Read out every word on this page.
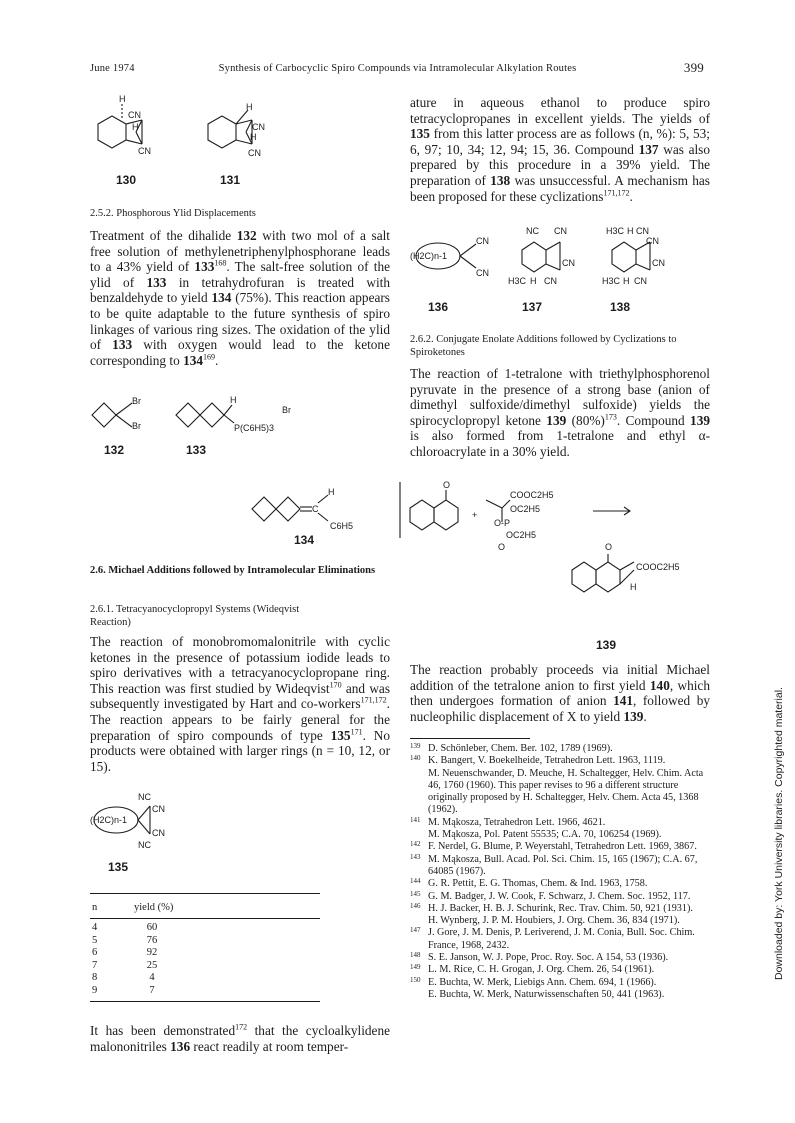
June 1974	Synthesis of Carbocyclic Spiro Compounds via Intramolecular Alkylation Routes	399
H
CN
H
CN
H
CN
H
CN
130	131

2.5.2. Phosphorous Ylid Displacements

Treatment of the dihalide 132 with two mol of a salt free solution of methylenetriphenylphosphorane leads to a 43% yield of $133^{168}$. The salt-free solution of the ylid of 133 in tetrahydrofuran is treated with benzaldehyde to yield 134 (75%). This reaction appears to be quite adaptable to the future synthesis of spiro linkages of various ring sizes. The oxidation of the ylid of 133 with oxygen would lead to the ketone corresponding to $134^{169}$.

Br
Br
H
P(C6H5)3
Br
132	133
H
C
C6H5
134

2.6. Michael Additions followed by Intramolecular Eliminations

2.6.1. Tetracyanocyclopropyl Systems (Wideqvist Reaction)

The reaction of monobromomalonitrile with cyclic ketones in the presence of potassium iodide leads to spiro derivatives with a tetracyanocyclopropane ring. This reaction was first studied by Wideqvist$^{170}$ and was subsequently investigated by Hart and co-workers$^{171,172}$. The reaction appears to be fairly general for the preparation of spiro compounds of type $135^{171}$. No products were obtained with larger rings (n = 10, 12, or 15).

NC
CN
(H2C)n-1
NC
CN
135
n	yield (%)
4	60
5	76
6	92
7	25
8	4
9	7

It has been demonstrated$^{172}$ that the cycloalkylidene malononitriles 136 react readily at room temper-

ature in aqueous ethanol to produce spiro tetracyclopropanes in excellent yields. The yields of 135 from this latter process are as follows (n, %): 5, 53; 6, 97; 10, 34; 12, 94; 15, 36. Compound 137 was also prepared by this procedure in a 39% yield. The preparation of 138 was unsuccessful. A mechanism has been proposed for these cyclizations$^{171,172}$.

CN
(H2C)n-1
CN
NC CN
CN
H3C H CN
H3C H CN
CN
CN
H3C H CN
136	137	138

2.6.2. Conjugate Enolate Additions followed by Cyclizations to Spiroketones

The reaction of 1-tetralone with triethylphosphorenol pyruvate in the presence of a strong base (anion of dimethyl sulfoxide/dimethyl sulfoxide) yields the spirocyclopropyl ketone 139 $(80\%)^{173}$. Compound 139 is also formed from 1-tetralone and ethyl α-chloroacrylate in a 30% yield.

O
+
COOC2H5
OC2H5
O-P
OC2H5
O	O
COOC2H5
H
139

The reaction probably proceeds via initial Michael addition of the tetralone anion to first yield 140, which then undergoes formation of anion 141, followed by nucleophilic displacement of X to yield 139.

139 D. Schönleber, Chem. Ber. 102, 1789 (1969).
140 K. Bangert, V. Boekelheide, Tetrahedron Lett. 1963, 1119.
M. Neuenschwander, D. Meuche, H. Schaltegger, Helv. Chim. Acta 46, 1760 (1960). This paper revises to 96 a different structure originally proposed by H. Schaltegger, Helv. Chem. Acta 45, 1368 (1962).
141 M. Mąkosza, Tetrahedron Lett. 1966, 4621.
M. Mąkosza, Pol. Patent 55535; C.A. 70, 106254 (1969).
142 F. Nerdel, G. Blume, P. Weyerstahl, Tetrahedron Lett. 1969, 3867.
143 M. Mąkosza, Bull. Acad. Pol. Sci. Chim. 15, 165 (1967); C.A. 67, 64085 (1967).
144 G. R. Pettit, E. G. Thomas, Chem. & Ind. 1963, 1758.
145 G. M. Badger, J. W. Cook, F. Schwarz, J. Chem. Soc. 1952, 117.
146 H. J. Backer, H. B. J. Schurink, Rec. Trav. Chim. 50, 921 (1931).
H. Wynberg, J. P. M. Houbiers, J. Org. Chem. 36, 834 (1971).
147 J. Gore, J. M. Denis, P. Leriverend, J. M. Conia, Bull. Soc. Chim. France, 1968, 2432.
148 S. E. Janson, W. J. Pope, Proc. Roy. Soc. A 154, 53 (1936).
149 L. M. Rice, C. H. Grogan, J. Org. Chem. 26, 54 (1961).
150 E. Buchta, W. Merk, Liebigs Ann. Chem. 694, 1 (1966).
E. Buchta, W. Merk, Naturwissenschaften 50, 441 (1963).
Downloaded by: York University libraries. Copyrighted material.
